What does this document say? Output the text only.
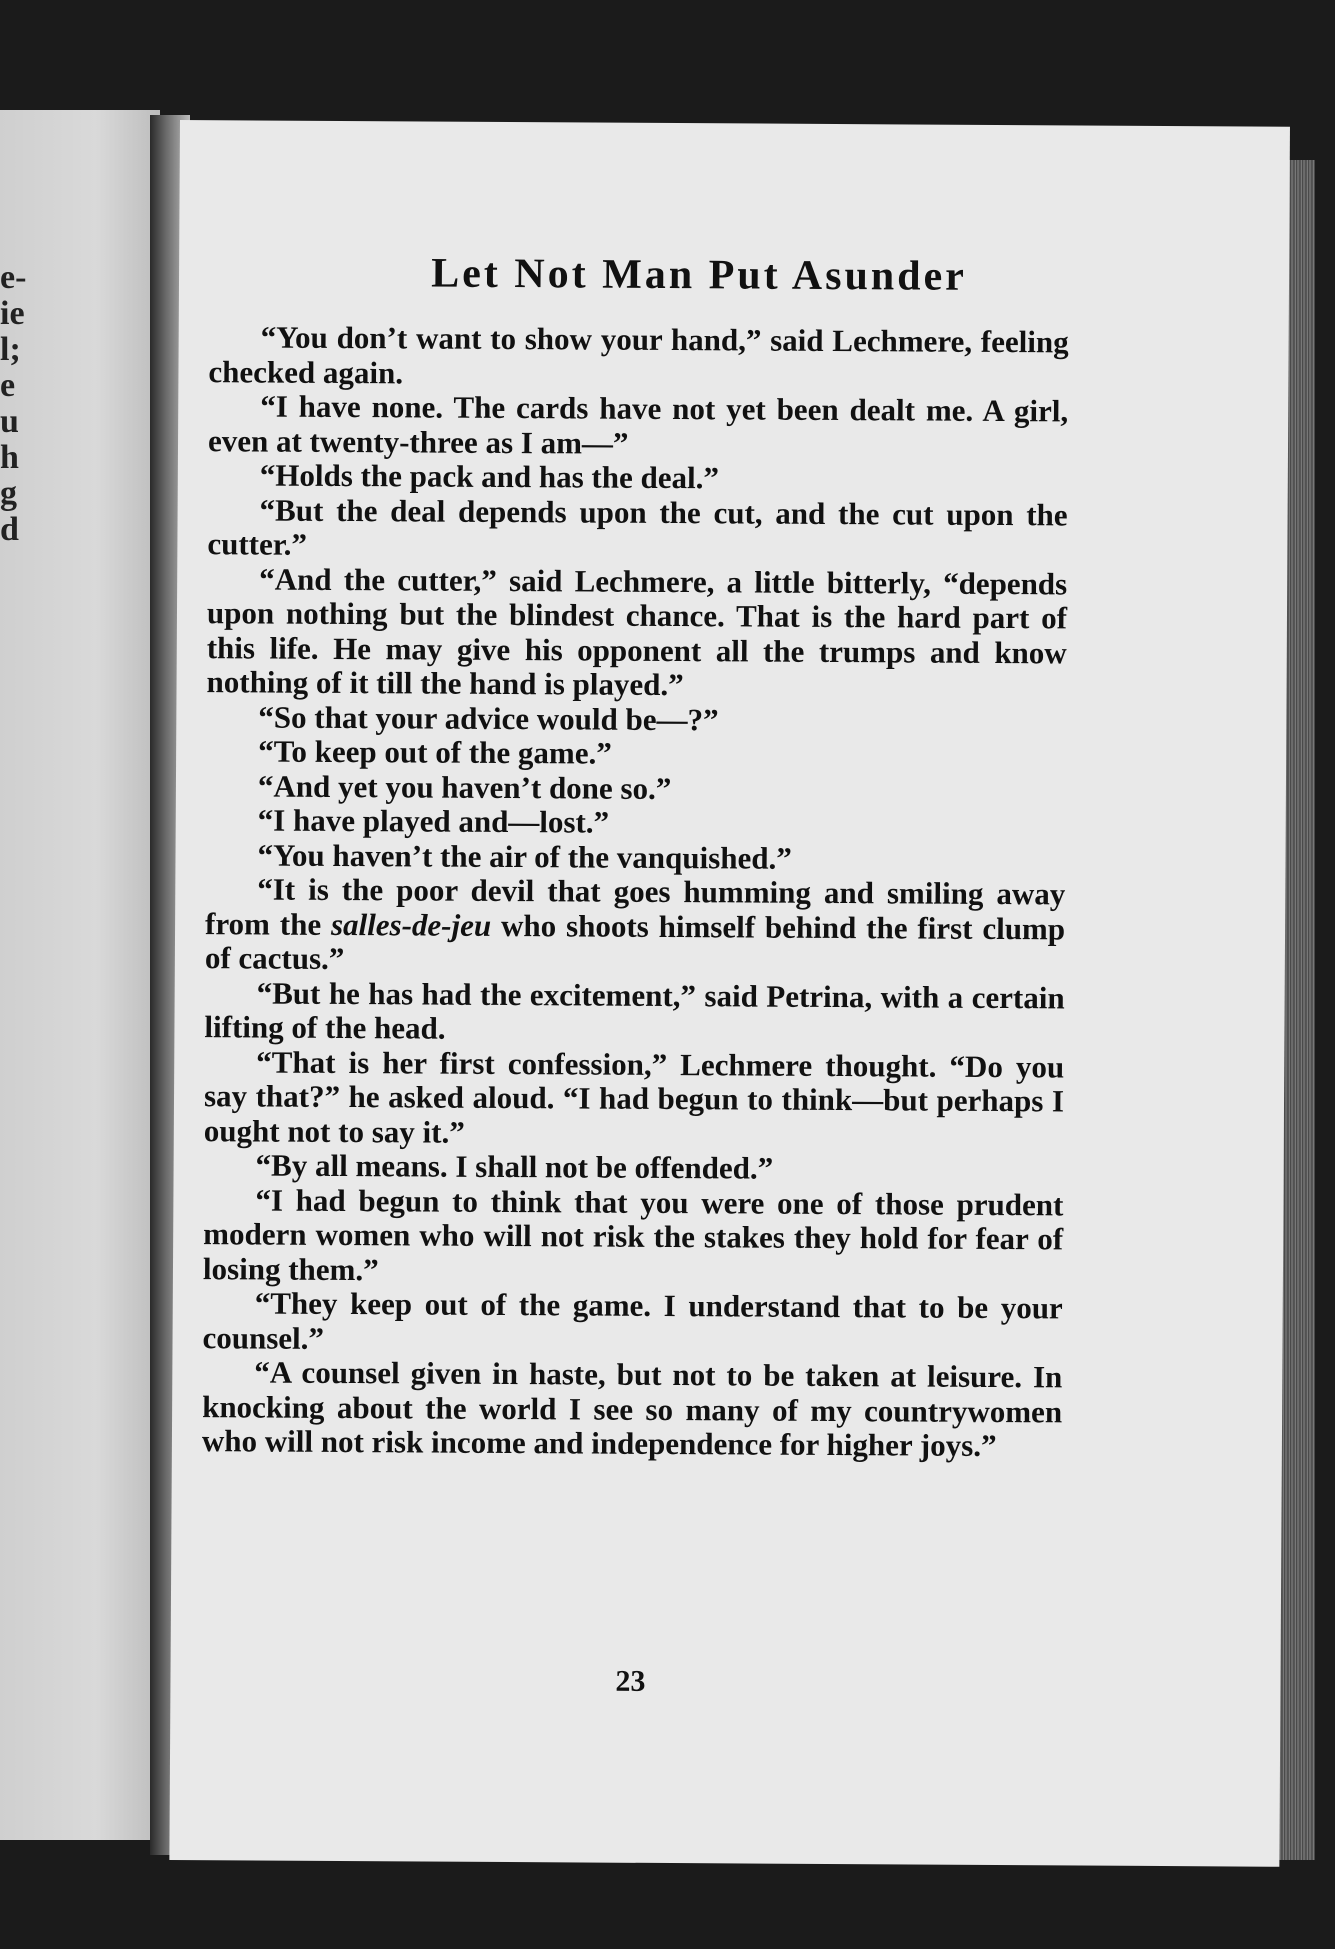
e-
ie
l;
e
u
h
g
d
Let Not Man Put Asunder

“You don’t want to show your hand,” said Lechmere, feeling checked again.

“I have none. The cards have not yet been dealt me. A girl, even at twenty-three as I am—”

“Holds the pack and has the deal.”

“But the deal depends upon the cut, and the cut upon the cutter.”

“And the cutter,” said Lechmere, a little bitterly, “depends upon nothing but the blindest chance. That is the hard part of this life. He may give his opponent all the trumps and know nothing of it till the hand is played.”

“So that your advice would be—?”

“To keep out of the game.”

“And yet you haven’t done so.”

“I have played and—lost.”

“You haven’t the air of the vanquished.”

“It is the poor devil that goes humming and smiling away from the salles-de-jeu who shoots himself behind the first clump of cactus.”

“But he has had the excitement,” said Petrina, with a certain lifting of the head.

“That is her first confession,” Lechmere thought. “Do you say that?” he asked aloud. “I had begun to think—but perhaps I ought not to say it.”

“By all means. I shall not be offended.”

“I had begun to think that you were one of those prudent modern women who will not risk the stakes they hold for fear of losing them.”

“They keep out of the game. I understand that to be your counsel.”

“A counsel given in haste, but not to be taken at leisure. In knocking about the world I see so many of my countrywomen who will not risk income and independence for higher joys.”

23
